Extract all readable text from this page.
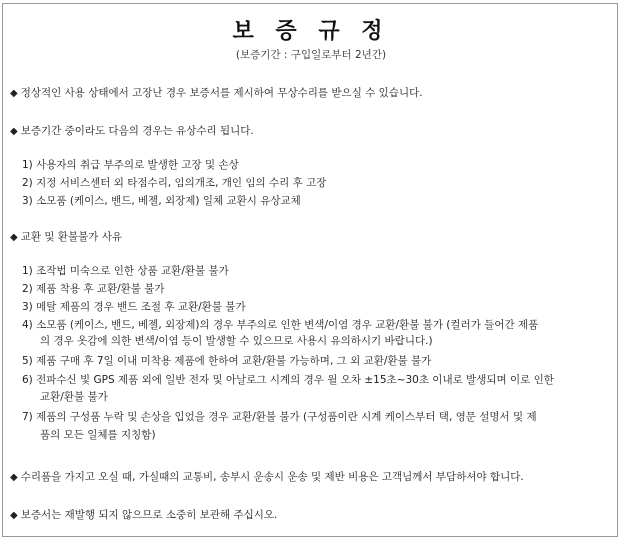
보 증 규 정
(보증기간 : 구입일로부터 2년간)
◆ 정상적인 사용 상태에서 고장난 경우 보증서를 제시하여 무상수리를 받으실 수 있습니다.
◆ 보증기간 중이라도 다음의 경우는 유상수리 됩니다.
1) 사용자의 취급 부주의로 발생한 고장 및 손상
2) 지정 서비스센터 외 타점수리, 임의개조, 개인 임의 수리 후 고장
3) 소모품 (케이스, 밴드, 베젤, 외장제) 일체 교환시 유상교체
◆ 교환 및 환불불가 사유
1) 조작법 미숙으로 인한 상품 교환/환불 불가
2) 제품 착용 후 교환/환불 불가
3) 메탈 제품의 경우 밴드 조절 후 교환/환불 불가
4) 소모품 (케이스, 밴드, 베젤, 외장제)의 경우 부주의로 인한 변색/이염 경우 교환/환불 불가 (컬러가 들어간 제품
의 경우 옷감에 의한 변색/이염 등이 발생할 수 있으므로 사용시 유의하시기 바랍니다.)
5) 제품 구매 후 7일 이내 미착용 제품에 한하여 교환/환불 가능하며, 그 외 교환/환불 불가
6) 전파수신 빛 GPS 제품 외에 일반 전자 및 아날로그 시계의 경우 월 오차 ±15초~30초 이내로 발생되며 이로 인한
교환/환불 불가
7) 제품의 구성품 누락 및 손상을 입었을 경우 교환/환불 불가 (구성품이란 시계 케이스부터 택, 영문 설명서 및 제
품의 모든 일체를 지칭함)
◆ 수리품을 가지고 오실 때, 가실때의 교통비, 송부시 운송시 운송 및 제반 비용은 고객님께서 부담하셔야 합니다.
◆ 보증서는 재발행 되지 않으므로 소중히 보관해 주십시오.
